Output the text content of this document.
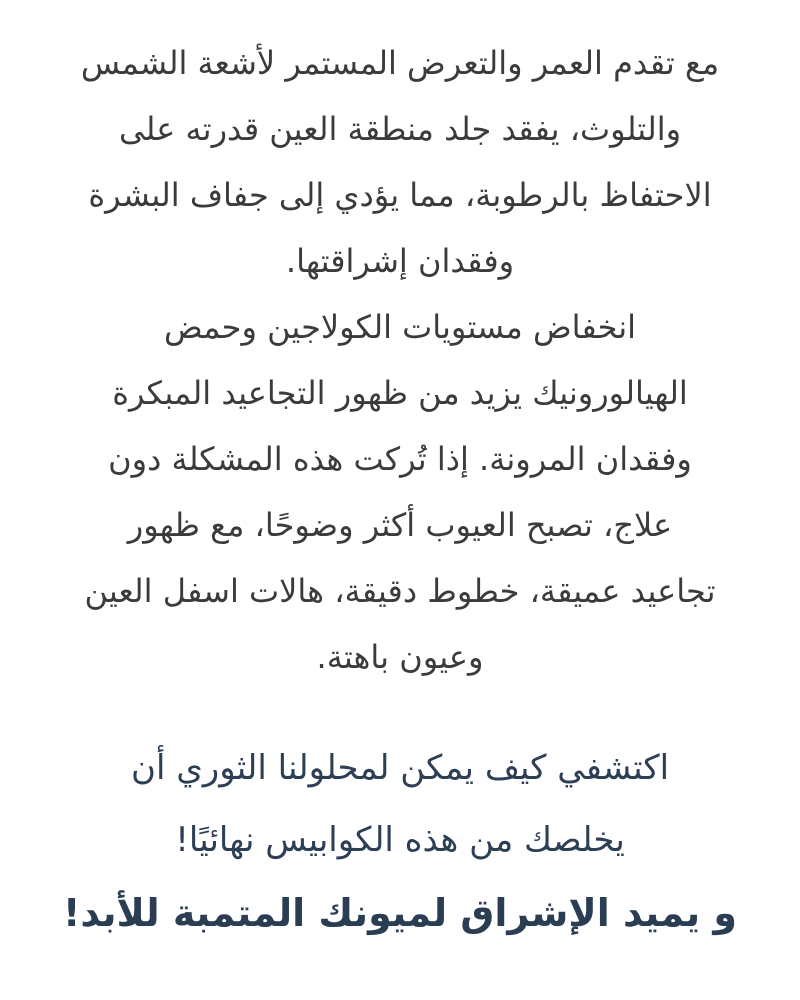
مع تقدم العمر والتعرض المستمر لأشعة الشمس
والتلوث، يفقد جلد منطقة العين قدرته على
الاحتفاظ بالرطوبة، مما يؤدي إلى جفاف البشرة
وفقدان إشراقتها.
انخفاض مستويات الكولاجين وحمض
الهيالورونيك يزيد من ظهور التجاعيد المبكرة
وفقدان المرونة. إذا تُركت هذه المشكلة دون
علاج، تصبح العيوب أكثر وضوحًا، مع ظهور
تجاعيد عميقة، خطوط دقيقة، هالات اسفل العين
وعيون باهتة.

اكتشفي كيف يمكن لمحلولنا الثوري أن
يخلصك من هذه الكوابيس نهائيًا!
و يميد الإشراق لميونك المتمبة للأبد!
